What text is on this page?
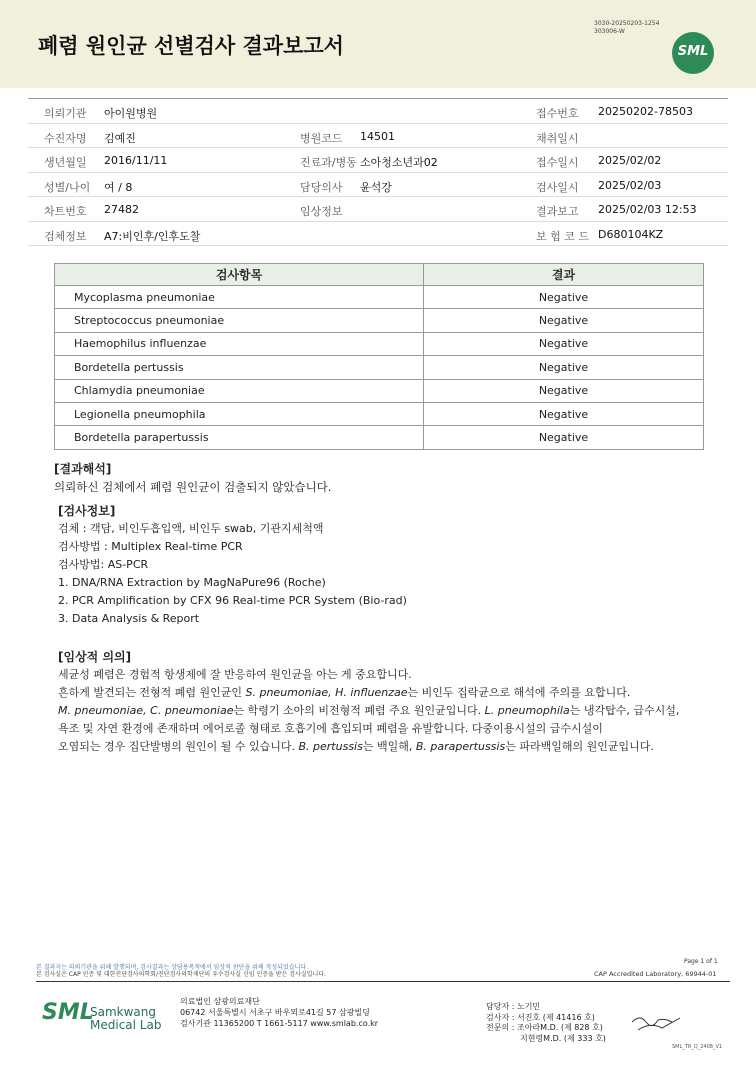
폐렴 원인균 선별검사 결과보고서
3030-20250203-1254
303006-W
SML
의뢰기관 아이원병원	접수번호 20250202-78503
수진자명 김예진	병원코드 14501	채취일시
생년월일 2016/11/11	진료과/병동 소아청소년과02	접수일시 2025/02/02
성별/나이 여 / 8	담당의사 윤석강	검사일시 2025/02/03
차트번호 27482	임상정보	결과보고 2025/02/03 12:53
검체정보 A7:비인후/인후도찰	보 험 코 드 D680104KZ
검사항목	결과
Mycoplasma pneumoniae	Negative
Streptococcus pneumoniae	Negative
Haemophilus influenzae	Negative
Bordetella pertussis	Negative
Chlamydia pneumoniae	Negative
Legionella pneumophila	Negative
Bordetella parapertussis	Negative
[결과해석]
의뢰하신 검체에서 폐렴 원인균이 검출되지 않았습니다.
[검사정보]
검체 : 객담, 비인두흡입액, 비인두 swab, 기관지세척액
검사방법 : Multiplex Real-time PCR
검사방법: AS-PCR
1. DNA/RNA Extraction by MagNaPure96 (Roche)
2. PCR Amplification by CFX 96 Real-time PCR System (Bio-rad)
3. Data Analysis & Report
[임상적 의의]
세균성 폐렴은 경험적 항생제에 잘 반응하여 원인균을 아는 게 중요합니다.
흔하게 발견되는 전형적 폐렴 원인균인 S. pneumoniae, H. influenzae는 비인두 집락균으로 해석에 주의를 요합니다.
M. pneumoniae, C. pneumoniae는 학령기 소아의 비전형적 폐렴 주요 원인균입니다. L. pneumophila는 냉각탑수, 급수시설,
욕조 및 자연 환경에 존재하며 에어로졸 형태로 호흡기에 흡입되며 폐렴을 유발합니다. 다중이용시설의 급수시설이
오염되는 경우 집단발병의 원인이 될 수 있습니다. B. pertussis는 백일해, B. parapertussis는 파라백일해의 원인균입니다.
본 결과지는 의뢰기관을 위해 발행되며, 검사결과는 상담용목적에서 임상적 판단을 위해 작성되었습니다.
본 검사실은 CAP 인증 및 대한진단검사의학회/진단검사의학재단의 우수검사실 신임 인증을 받은 검사실입니다.
Page 1 of 1
CAP Accredited Laboratory, 69944-01
SML
Samkwang
Medical Lab
의료법인 삼광의료재단
06742 서울특별시 서초구 바우뫼로41길 57 삼광빌딩
검사기관 11365200 T 1661-5117 www.smlab.co.kr
담당자 : 노기민
검사자 : 서진호 (제 41416 호)
전문의 : 조아라M.D. (제 828 호)
지현령M.D. (제 333 호)
SML_TR_Q_2408_V1
